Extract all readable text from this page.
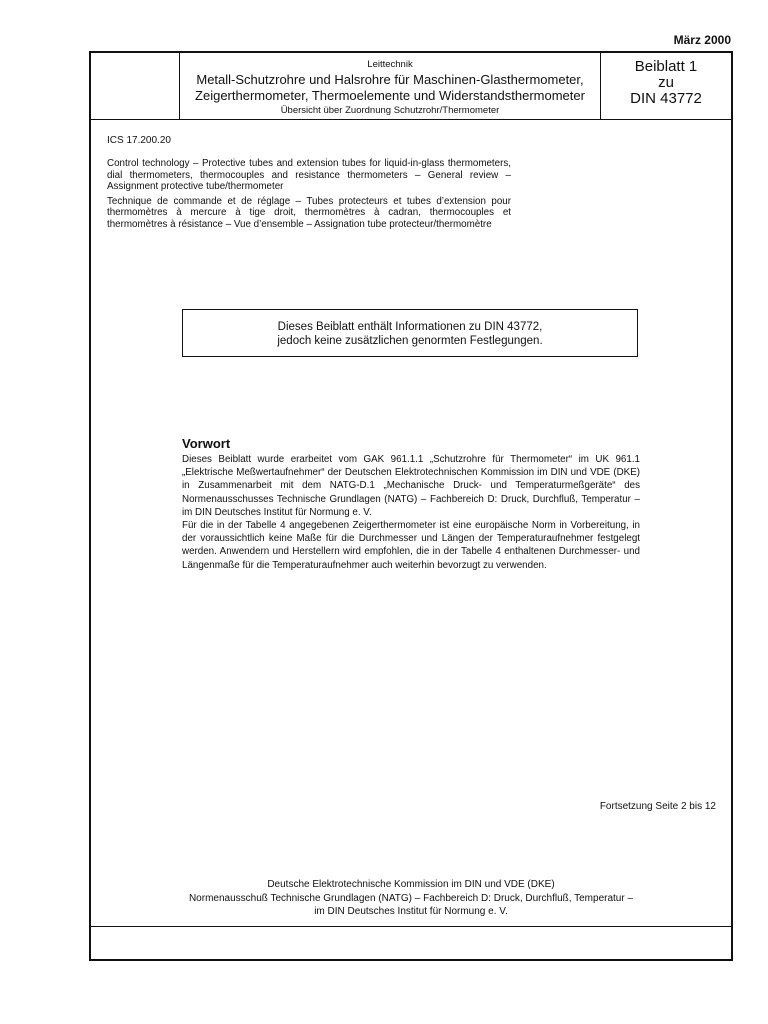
März 2000
Leittechnik
Metall-Schutzrohre und Halsrohre für Maschinen-Glasthermometer,
Zeigerthermometer, Thermoelemente und Widerstandsthermometer
Übersicht über Zuordnung Schutzrohr/Thermometer
Beiblatt 1
zu
DIN 43772
ICS 17.200.20

Control technology – Protective tubes and extension tubes for liquid-in-glass thermometers, dial thermometers, thermocouples and resistance thermometers – General review – Assignment protective tube/thermometer

Technique de commande et de réglage – Tubes protecteurs et tubes d’extension pour thermomètres à mercure à tige droit, thermomètres à cadran, thermocouples et thermomètres à résistance – Vue d’ensemble – Assignation tube protecteur/thermomètre

Dieses Beiblatt enthält Informationen zu DIN 43772,
jedoch keine zusätzlichen genormten Festlegungen.
Vorwort

Dieses Beiblatt wurde erarbeitet vom GAK 961.1.1 „Schutzrohre für Thermometer“ im UK 961.1 „Elektrische Meßwertaufnehmer“ der Deutschen Elektrotechnischen Kommission im DIN und VDE (DKE) in Zusammenarbeit mit dem NATG-D.1 „Mechanische Druck- und Temperaturmeßgeräte“ des Normenausschusses Technische Grundlagen (NATG) – Fachbereich D: Druck, Durchfluß, Temperatur – im DIN Deutsches Institut für Normung e. V.

Für die in der Tabelle 4 angegebenen Zeigerthermometer ist eine europäische Norm in Vorbereitung, in der voraussichtlich keine Maße für die Durchmesser und Längen der Temperaturaufnehmer festgelegt werden. Anwendern und Herstellern wird empfohlen, die in der Tabelle 4 enthaltenen Durchmesser- und Längenmaße für die Temperaturaufnehmer auch weiterhin bevorzugt zu verwenden.

Fortsetzung Seite 2 bis 12
Deutsche Elektrotechnische Kommission im DIN und VDE (DKE)
Normenausschuß Technische Grundlagen (NATG) – Fachbereich D: Druck, Durchfluß, Temperatur –
im DIN Deutsches Institut für Normung e. V.
